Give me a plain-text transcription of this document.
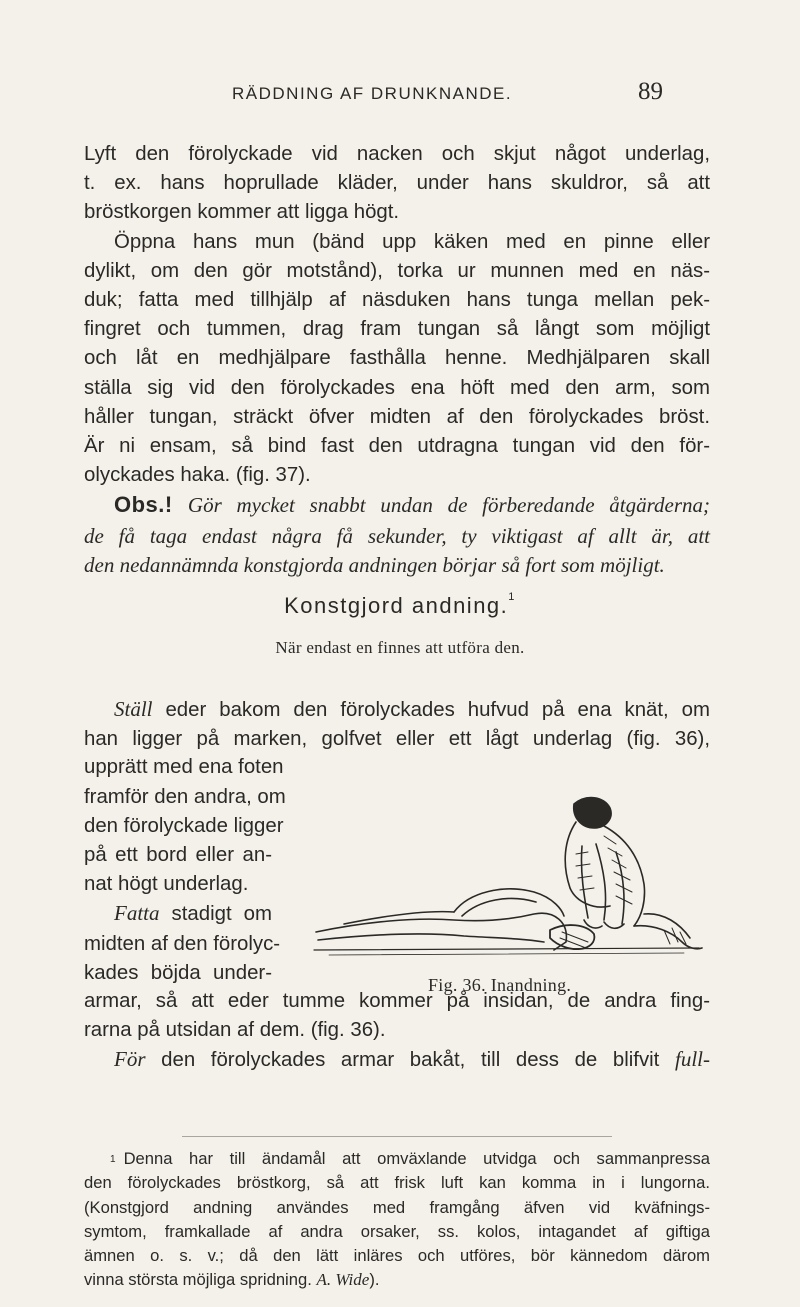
RÄDDNING AF DRUNKNANDE.	89
Lyft den förolyckade vid nacken och skjut något underlag,
t. ex. hans hoprullade kläder, under hans skuldror, så att
bröstkorgen kommer att ligga högt.
Öppna hans mun (bänd upp käken med en pinne eller
dylikt, om den gör motstånd), torka ur munnen med en näs-
duk; fatta med tillhjälp af näsduken hans tunga mellan pek-
fingret och tummen, drag fram tungan så långt som möjligt
och låt en medhjälpare fasthålla henne. Medhjälparen skall
ställa sig vid den förolyckades ena höft med den arm, som
håller tungan, sträckt öfver midten af den förolyckades bröst.
Är ni ensam, så bind fast den utdragna tungan vid den för-
olyckades haka. (fig. 37).
Obs.! Gör mycket snabbt undan de förberedande åtgärderna;
de få taga endast några få sekunder, ty viktigast af allt är, att
den nedannämnda konstgjorda andningen börjar så fort som möjligt.
Konstgjord andning.$^1$
När endast en finnes att utföra den.
Ställ eder bakom den förolyckades hufvud på ena knät, om
han ligger på marken, golfvet eller ett lågt underlag (fig. 36),
upprätt med ena foten
framför den andra, om
den förolyckade ligger
på ett bord eller an-
nat högt underlag.
Fatta stadigt om
midten af den förolyc-
kades böjda under-
Fig. 36. Inandning.
armar, så att eder tumme kommer på insidan, de andra fing-
rarna på utsidan af dem. (fig. 36).
För den förolyckades armar bakåt, till dess de blifvit full-
$^1$ Denna har till ändamål att omväxlande utvidga och sammanpressa
den förolyckades bröstkorg, så att frisk luft kan komma in i lungorna.
(Konstgjord andning användes med framgång äfven vid kväfnings-
symtom, framkallade af andra orsaker, ss. kolos, intagandet af giftiga
ämnen o. s. v.; då den lätt inläres och utföres, bör kännedom därom
vinna största möjliga spridning. A. Wide).
